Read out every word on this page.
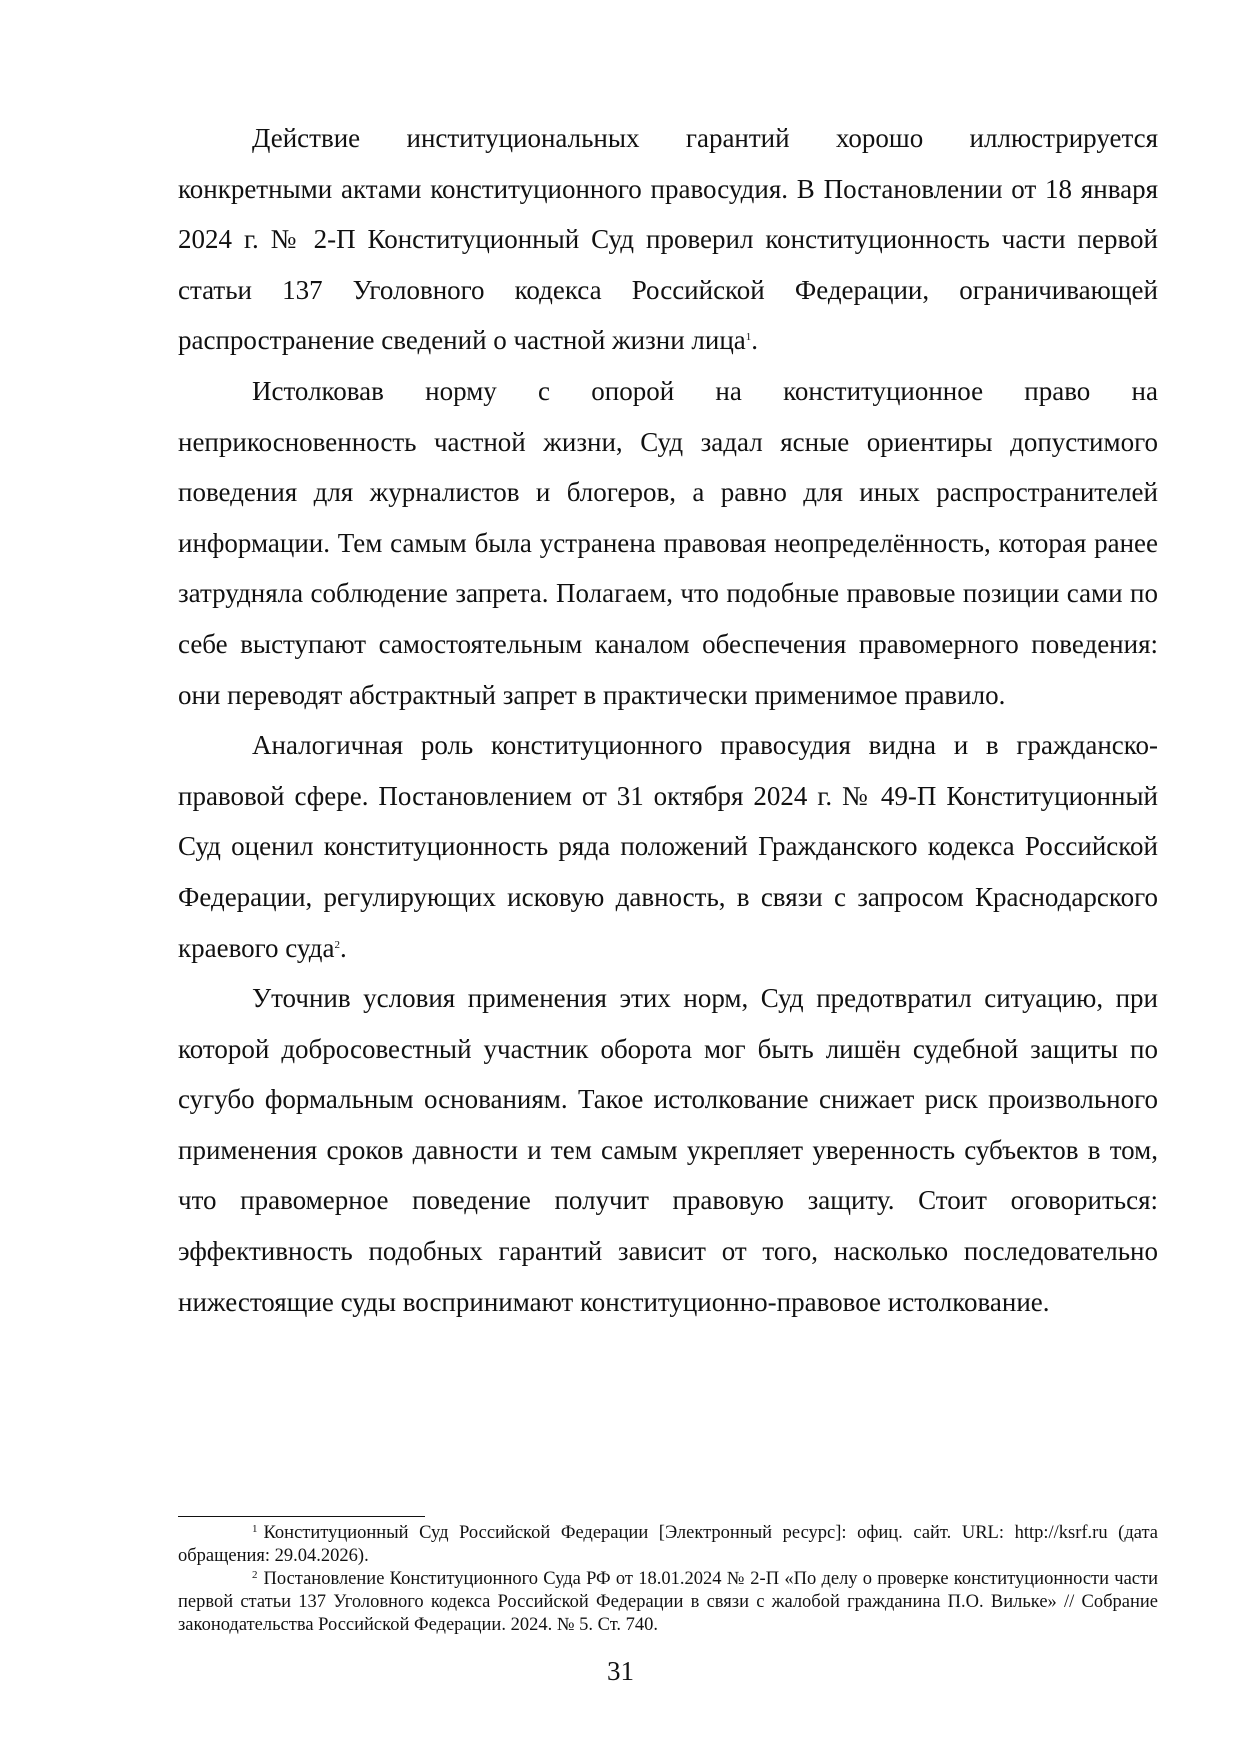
Действие институциональных гарантий хорошо иллюстрируется конкретными актами конституционного правосудия. В Постановлении от 18 января 2024 г. № 2-П Конституционный Суд проверил конституционность части первой статьи 137 Уголовного кодекса Российской Федерации, ограничивающей распространение сведений о частной жизни лица$^1$.

Истолковав норму с опорой на конституционное право на неприкосновенность частной жизни, Суд задал ясные ориентиры допустимого поведения для журналистов и блогеров, а равно для иных распространителей информации. Тем самым была устранена правовая неопределённость, которая ранее затрудняла соблюдение запрета. Полагаем, что подобные правовые позиции сами по себе выступают самостоятельным каналом обеспечения правомерного поведения: они переводят абстрактный запрет в практически применимое правило.

Аналогичная роль конституционного правосудия видна и в гражданско-правовой сфере. Постановлением от 31 октября 2024 г. № 49-П Конституционный Суд оценил конституционность ряда положений Гражданского кодекса Российской Федерации, регулирующих исковую давность, в связи с запросом Краснодарского краевого суда$^2$.

Уточнив условия применения этих норм, Суд предотвратил ситуацию, при которой добросовестный участник оборота мог быть лишён судебной защиты по сугубо формальным основаниям. Такое истолкование снижает риск произвольного применения сроков давности и тем самым укрепляет уверенность субъектов в том, что правомерное поведение получит правовую защиту. Стоит оговориться: эффективность подобных гарантий зависит от того, насколько последовательно нижестоящие суды воспринимают конституционно-правовое истолкование.

$^1$ Конституционный Суд Российской Федерации [Электронный ресурс]: офиц. сайт. URL: http://ksrf.ru (дата обращения: 29.04.2026).

$^2$ Постановление Конституционного Суда РФ от 18.01.2024 № 2-П «По делу о проверке конституционности части первой статьи 137 Уголовного кодекса Российской Федерации в связи с жалобой гражданина П.О. Вильке» // Собрание законодательства Российской Федерации. 2024. № 5. Ст. 740.

31
